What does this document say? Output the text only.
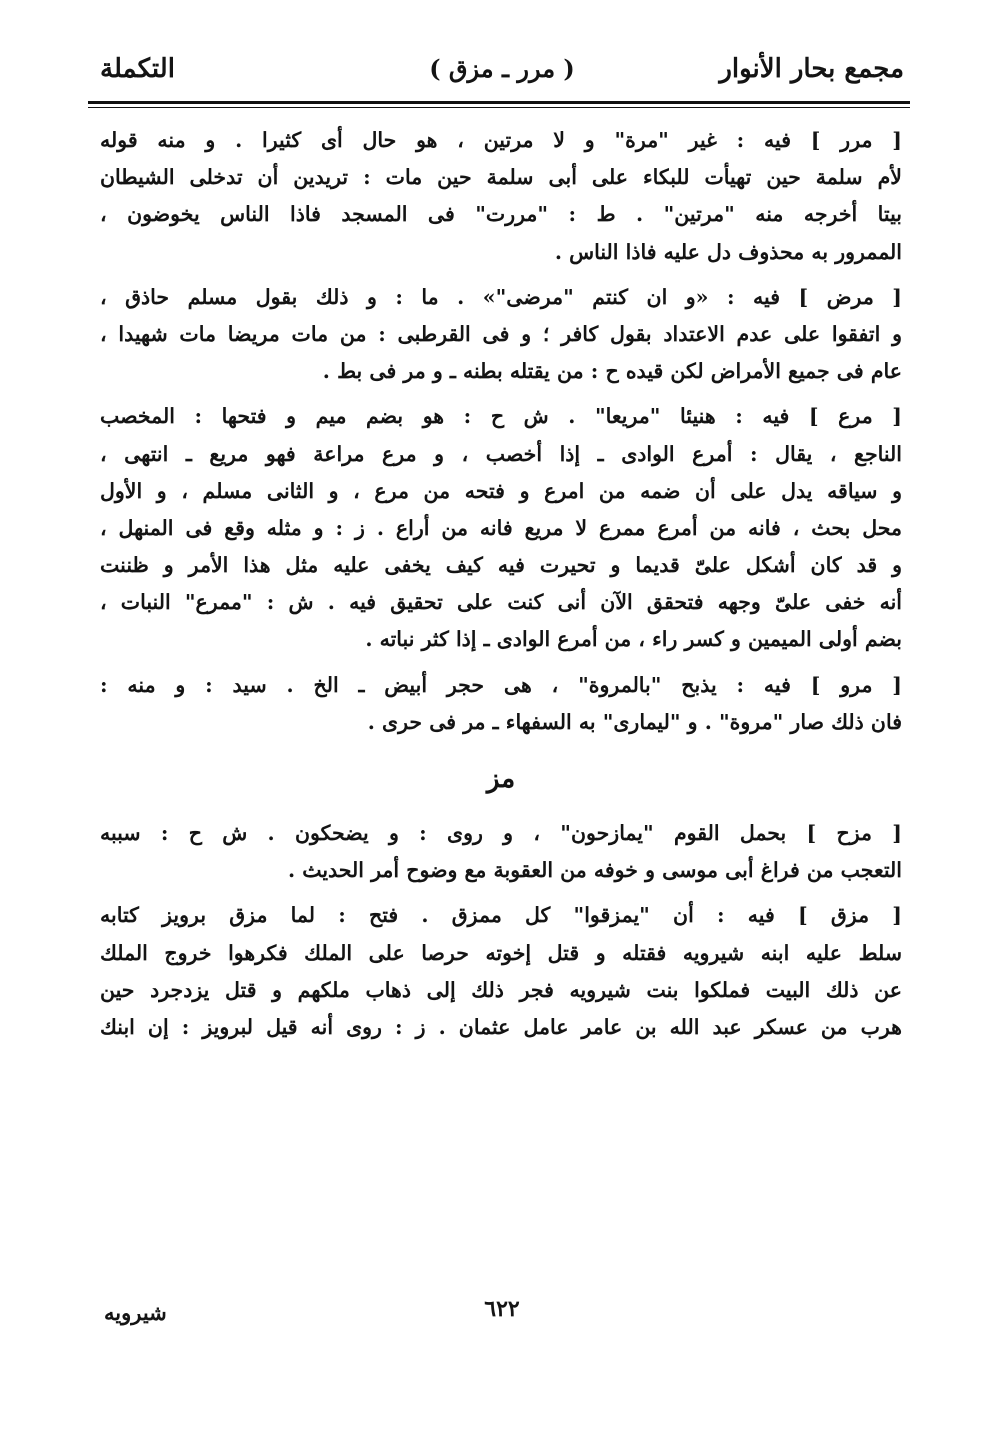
مجمع بحار الأنوار
( مرر ـ مزق )
التكملة
[ مرر ] فيه : غير "مرة" و لا مرتين ، هو حال أى كثيرا . و منه قوله
لأم سلمة حين تهيأت للبكاء على أبى سلمة حين مات : تريدين أن تدخلى الشيطان
بيتا أخرجه منه "مرتين" . ط : "مررت" فى المسجد فاذا الناس يخوضون ،
الممرور به محذوف دل عليه فاذا الناس .
[ مرض ] فيه : «و ان كنتم "مرضى"» . ما : و ذلك بقول مسلم حاذق ،
و اتفقوا على عدم الاعتداد بقول كافر ؛ و فى القرطبى : من مات مريضا مات شهيدا ،
عام فى جميع الأمراض لكن قيده ح : من يقتله بطنه ـ و مر فى بط .
[ مرع ] فيه : هنيئا "مريعا" . ش ح : هو بضم ميم و فتحها : المخصب
الناجع ، يقال : أمرع الوادى ـ إذا أخصب ، و مرع مراعة فهو مريع ـ انتهى ،
و سياقه يدل على أن ضمه من امرع و فتحه من مرع ، و الثانى مسلم ، و الأول
محل بحث ، فانه من أمرع ممرع لا مريع فانه من أراع . ز : و مثله وقع فى المنهل ،
و قد كان أشكل علىّ قديما و تحيرت فيه كيف يخفى عليه مثل هذا الأمر و ظننت
أنه خفى علىّ وجهه فتحقق الآن أنى كنت على تحقيق فيه . ش : "ممرع" النبات ،
بضم أولى الميمين و كسر راء ، من أمرع الوادى ـ إذا كثر نباته .
[ مرو ] فيه : يذبح "بالمروة" ، هى حجر أبيض ـ الخ . سيد : و منه :
فان ذلك صار "مروة" . و "ليمارى" به السفهاء ـ مر فى حرى .
مز
[ مزح ] بحمل القوم "يمازحون" ، و روى : و يضحكون . ش ح : سببه
التعجب من فراغ أبى موسى و خوفه من العقوبة مع وضوح أمر الحديث .
[ مزق ] فيه : أن "يمزقوا" كل ممزق . فتح : لما مزق برويز كتابه
سلط عليه ابنه شيرويه فقتله و قتل إخوته حرصا على الملك فكرهوا خروج الملك
عن ذلك البيت فملكوا بنت شيرويه فجر ذلك إلى ذهاب ملكهم و قتل يزدجرد حين
هرب من عسكر عبد الله بن عامر عامل عثمان . ز : روى أنه قيل لبرويز : إن ابنك
٦٢٢
شيرويه
